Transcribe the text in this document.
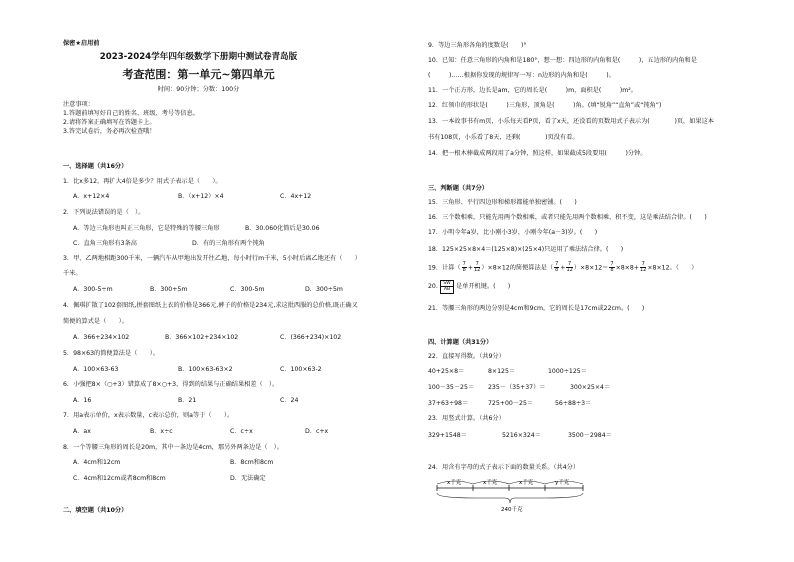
保密★启用前
2023-2024学年四年级数学下册期中测试卷青岛版
考查范围：第一单元~第四单元
时间：90分钟；分数：100分
注意事项：
1.答题前填写好自己的姓名、班级、考号等信息。
2.请将答案正确填写在答题卡上。
3.答完试卷后，务必再次检查哦！
一、选择题（共16分）
1．比x多12，再扩大4倍是多少？用式子表示是（　　）。
A．x+12×4	B．（x+12）×4	C．4x+12
2．下列说法错误的是（　）。
A．等边三角形也叫正三角形，它是特殊的等腰三角形	B．30.060化简后是30.06
C．直角三角形有3条高	D．有的三角形有两个钝角
3．甲、乙两地相距300千米，一辆汽车从甲地出发开往乙地，每小时行m千米，5小时后离乙地还有（　　）
千米。
A．300-5÷m	B．300+5m	C．300-5m	D．300÷5m
4．佩琪扩散了102套图纸,拼套图纸上衣的价格是366元,裤子的价格是234元,求这批西服的总价格,既正确又
简便的算式是（　　）。
A．366+234×102	B．366×102+234×102	C．(366+234)×102
5．98×63的简便算法是（　　）。
A．100×63-63	B．100×63-63×2	C．100×63-2
6．小强把8×（○+3）错算成了8×○+3，得到的结果与正确结果相差（　）。
A．16	B．21	C．24
7．用a表示单价，x表示数量，c表示总价，则a等于（　　）。
A．ax	B．x÷c	C．c÷x	D．c+x
8．一个等腰三角形的周长是20m，其中一条边是4cm，那另外两条边是（　）。
A．4cm和12cm	B．8cm和8cm
C．4cm和12cm或者8cm和8cm	D．无法确定
二、填空题（共10分）
9．等边三角形各角的度数是(　　)°
10．已知：任意三角形的内角和是180°，想一想：四边形的内角和是(　　　)，五边形的内角和是
(　　　)……根据你发现的规律写一写：n边形的内角和是(　　　)。
11．一个正方形，边长是am，它的周长是(　　　)m，面积是(　　　)m²。
12．红领巾的形状是(　　　)三角形，顶角是(　　　)角。(填“锐角”“直角”或“钝角”)
13．一本故事书有m页，小乐每天看P页，看了x天，还没看的页数用式子表示为(　　　　)页，如果这本
书有108页，小乐看了8天，还剩(　　　　)页没有看。
14．把一根木棒截成两段用了a分钟，照这样，如果截成5段要用(　　　)分钟。
三、判断题（共7分）
15．三角形、平行四边形和梯形都能单独密铺。(　　)
16．三个数相乘，只能先用两个数相乘，或者只能先用两个数相乘，积不变，这是乘法结合律。(　　)
17．小明今年a岁，比小刚小3岁，小刚今年(a－3)岁。(　　)
18．125×25×8×4＝(125×8)×(25×4)只运用了乘法结合律。(　　)
19．计算（ $\frac{7}{8} + \frac{7}{12} )\times 8\times 12$的简便算法是（ $\frac{7}{8} + \frac{7}{12} )\times 8\times 12= \frac{7}{8} \times 8\times 8+ \frac{7}{12} \times 8\times 12$。（　　）
20． SW
AB 是单开机键。(　　)
21．等腰三角形的两边分别是4cm和9cm，它的周长是17cm或22cm。(　　)
四、计算题（共31分）
22．直接写得数。（共9分）
40+25×8＝	8×125＝	1000÷125＝
100－35－25＝ 235－（35+37）＝	300×25×4＝
37+63÷98＝	725+00－25＝	56÷88÷3＝
23．用竖式计算。（共6分）
329+1548＝	5216×324＝	3500－2984＝
24．用含有字母的式子表示下面的数量关系。（共4分）
x千克	x千克	x千克	y千克
240千克
